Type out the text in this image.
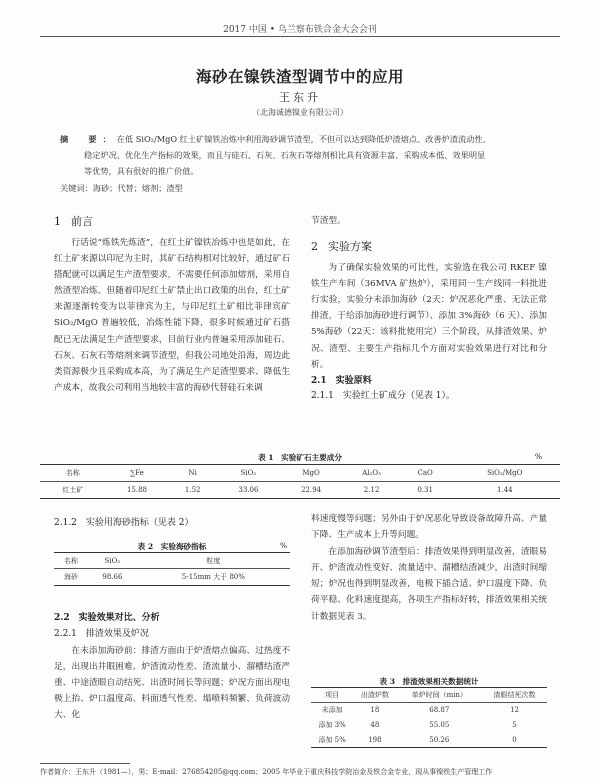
2017 中国 • 乌兰察布铁合金大会会刊
海砂在镍铁渣型调节中的应用
王东升
（北海诚德镍业有限公司）
摘　要：在低 SiO₂/MgO 红土矿镍铁冶炼中利用海砂调节渣型，不但可以达到降低炉渣熔点、改善炉渣流动性、
稳定炉况、优化生产指标的效果，而且与硅石、石灰、石灰石等熔剂相比具有资源丰富、采购成本低、效果明显
等优势，具有很好的推广价值。
关键词：海砂；代替；熔剂；渣型
1 前言

行话说“炼铁先炼渣”，在红土矿镍铁冶炼中也是如此，在红土矿来源以印尼为主时，其矿石结构相对比较好，通过矿石搭配就可以满足生产渣型要求，不需要任何添加熔剂，采用自然渣型冶炼。但随着印尼红土矿禁止出口政策的出台，红土矿来源逐渐转变为以菲律宾为主，与印尼红土矿相比菲律宾矿 SiO₂/MgO 普遍较低，冶炼性能下降，很多时候通过矿石搭配已无法满足生产渣型要求，目前行业内普遍采用添加硅石、石灰、石灰石等熔剂来调节渣型，但我公司地处沿海，周边此类资源极少且采购成本高，为了满足生产足渣型要求、降低生产成本，故我公司利用当地较丰富的海砂代替硅石来调

节渣型。

2 实验方案

为了确保实验效果的可比性，实验选在我公司 RKEF 镍铁生产车间（36MVA 矿热炉），采用同一生产线同一料批进行实验，实验分未添加海砂（2天：炉况恶化严重、无法正常排渣，于给添加海砂进行调节）、添加 3%海砂（6 天）、添加 5%海砂（22天：该料批使用完）三个阶段，从排渣效果、炉况、渣型、主要生产指标几个方面对实验效果进行对比和分析。

2.1　实验原料
2.1.1　实验红土矿成分（见表 1）。
表 1　实验矿石主要成分	%
名称	∑Fe	Ni	SiO₂	MgO	Al₂O₃	CaO	SiO₂/MgO
红土矿	15.88	1.52	33.06	22.94	2.12	0.31	1.44
2.1.2　实验用海砂指标（见表 2）
表 2　实验海砂指标	%
名称	SiO₂	粒度
海砂	98.66	5-15mm 大于 80%
2.2　实验效果对比、分析
2.2.1　排渣效果及炉况

在未添加海砂前：排渣方面由于炉渣熔点偏高、过热度不足，出现出井眼困难、炉渣流动性差、渣流量小、溜槽结渣严重、中途渣眼自动结死、出渣时间长等问题；炉况方面出现电极上抬、炉口温度高、料面透气性差、塌喷料频繁、负荷波动大、化

料速度慢等问题；另外由于炉况恶化导致设备故障升高、产量下降、生产成本上升等问题。

在添加海砂调节渣型后：排渣效果得到明显改善，渣眼易开、炉渣流动性变好、流量适中、溜槽结渣减少，出渣时间缩短；炉况也得到明显改善，电极下插合适、炉口温度下降、负荷平稳、化料速度提高，各项生产指标好转，排渣效果相关统计数据见表 3。

表 3　排渣效果相关数据统计
项目	出渣炉数	单炉时间（min）	渣眼结死次数
未添加	18	68.87	12
添加 3%	48	55.05	5
添加 5%	198	50.26	0
作者简介：王东升（1981—），男；E-mail：276854205@qq.com；2005 年毕业于重庆科技学院冶金及铁合金专业，现从事镍铁生产管理工作
